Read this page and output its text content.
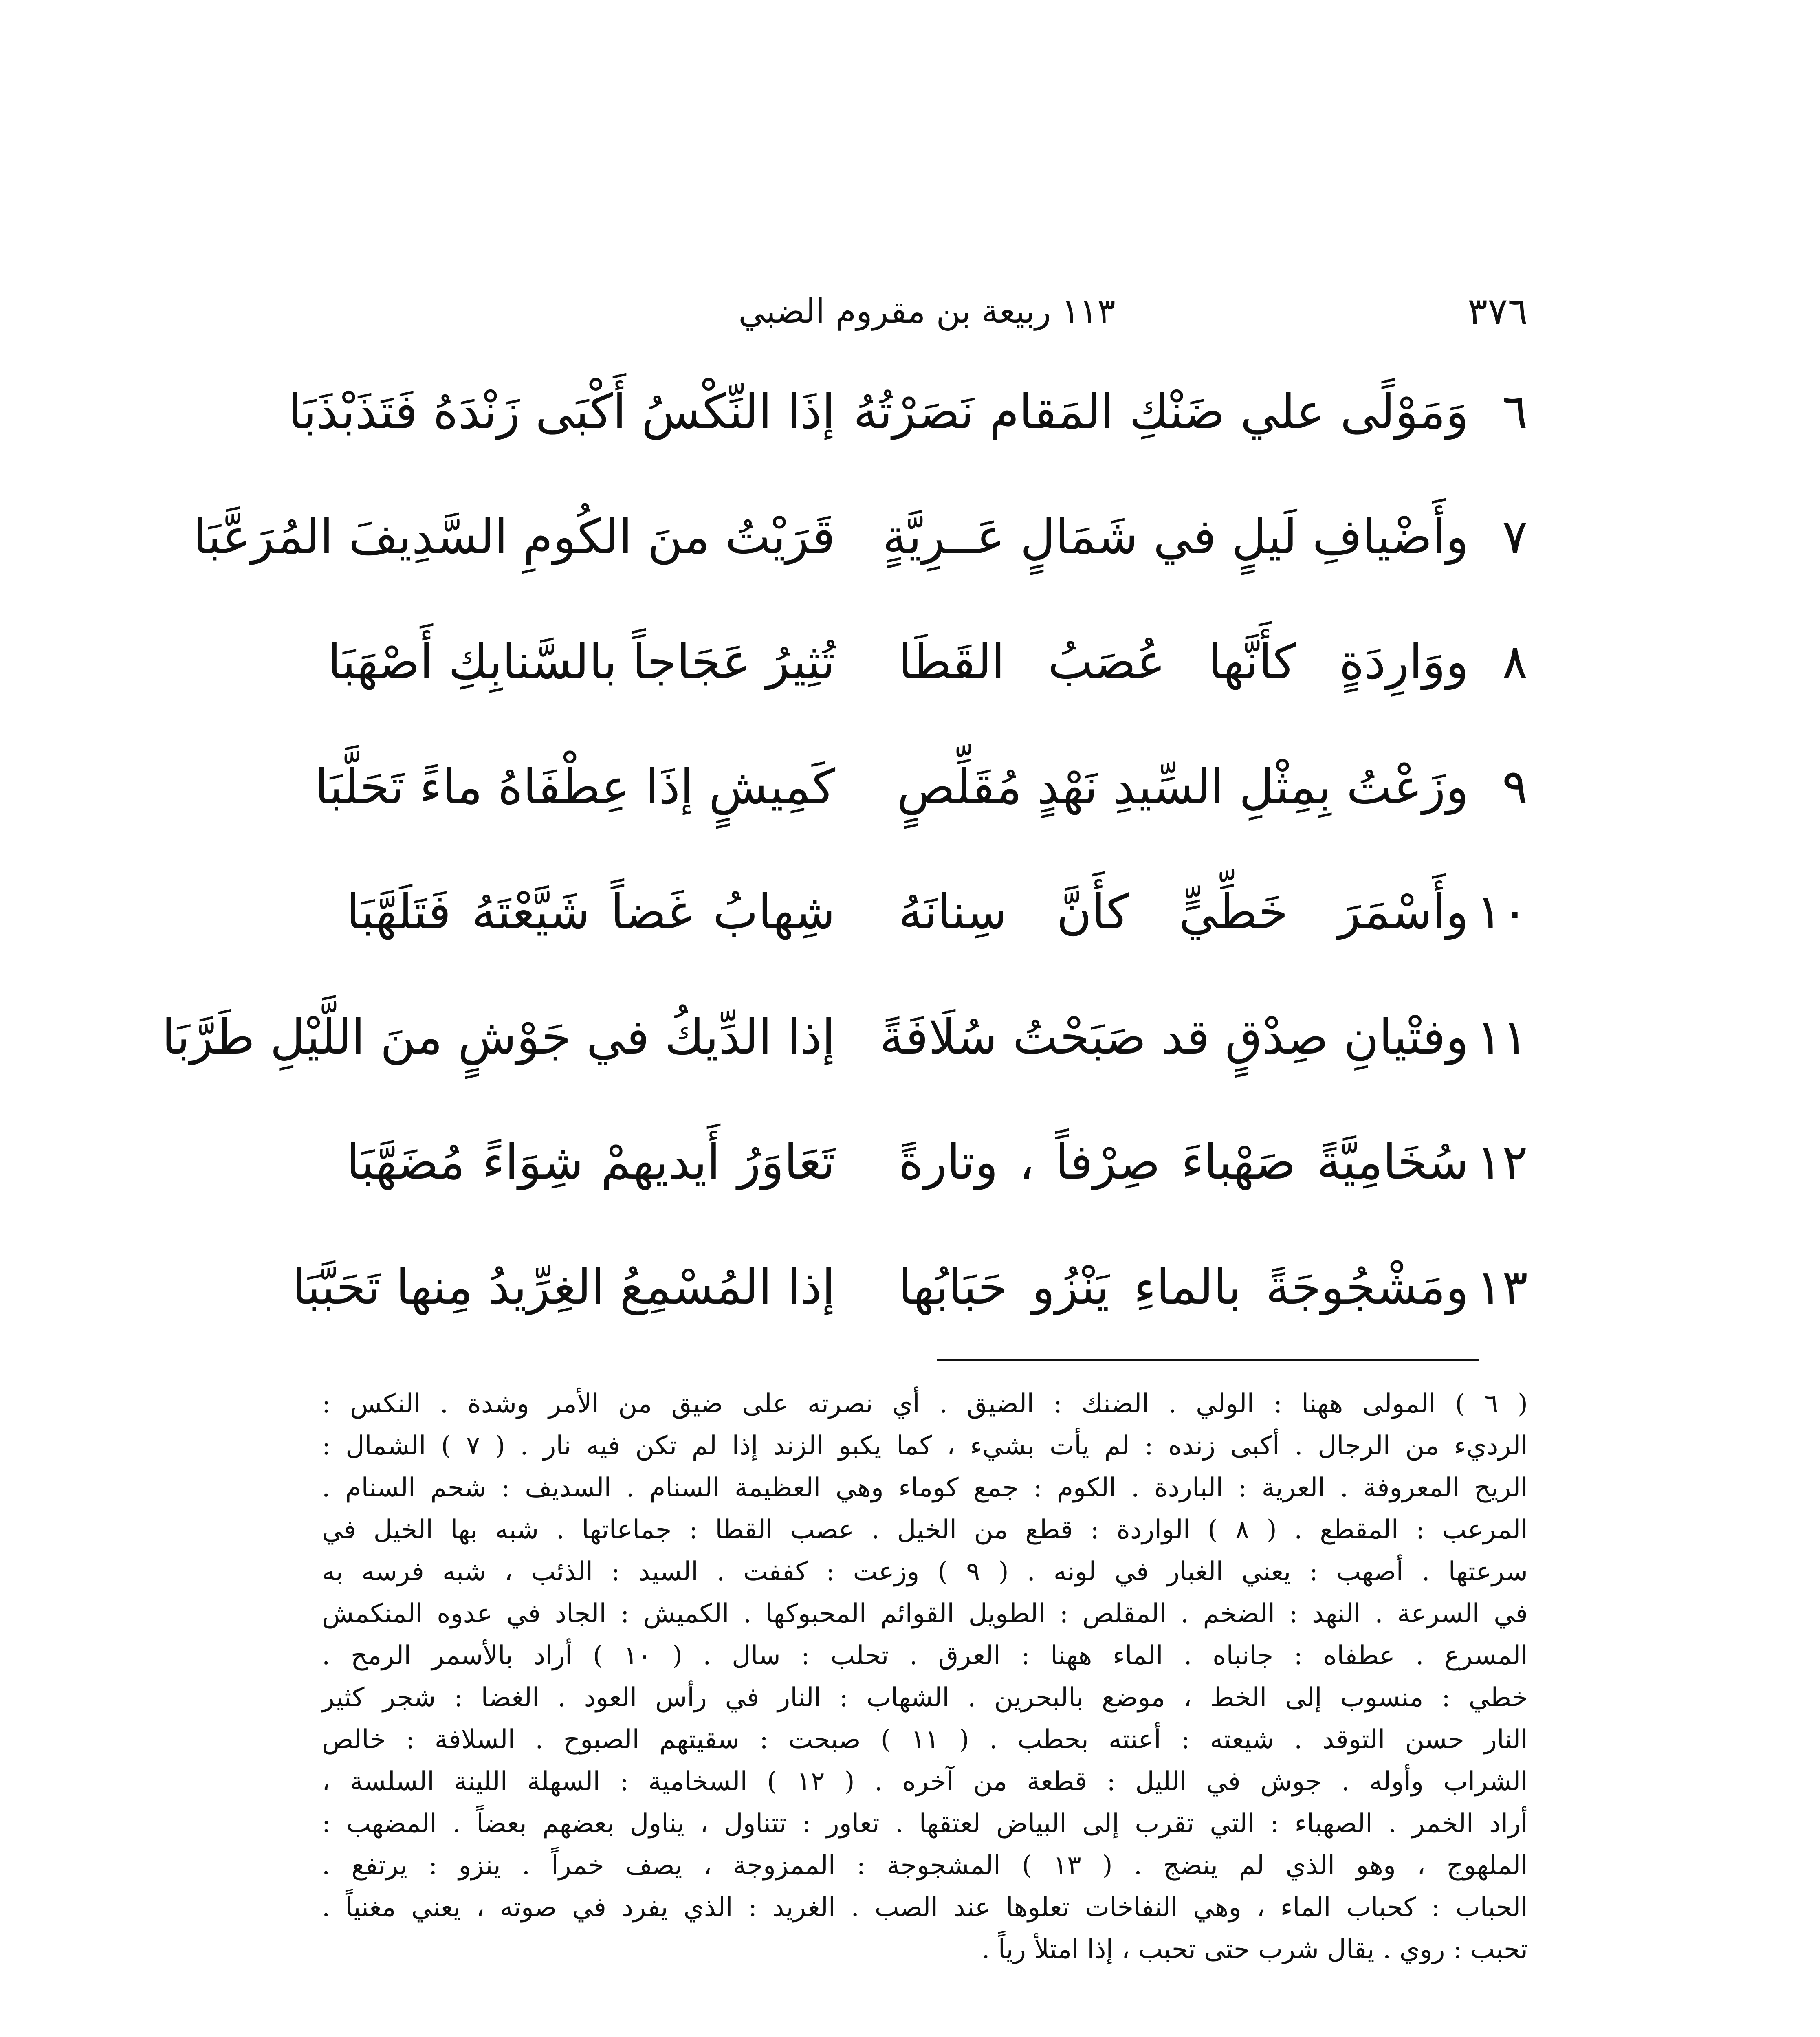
٣٧٦
١١٣ ربيعة بن مقروم الضبي
٦
وَمَوْلًى علي ضَنْكِ المَقام نَصَرْتُهُ
إذَا النِّكْسُ أَكْبَى زَنْدَهُ فَتَذَبْذَبَا
٧
وأَضْيافِ لَيلٍ في شَمَالٍ عَــرِيَّةٍ
قَرَيْتُ منَ الكُومِ السَّدِيفَ المُرَعَّبَا
٨
ووَارِدَةٍ كأَنَّها عُصَبُ القَطَا
تُثِيرُ عَجَاجاً بالسَّنابِكِ أَصْهَبَا
٩
وزَعْتُ بِمِثْلِ السِّيدِ نَهْدٍ مُقَلِّصٍ
كَمِيشٍ إذَا عِطْفَاهُ ماءً تَحَلَّبَا
١٠
وأَسْمَرَ خَطِّيٍّ كأَنَّ سِنانَهُ
شِهابُ غَضاً شَيَّعْتَهُ فَتَلَهَّبَا
١١
وفتْيانِ صِدْقٍ قد صَبَحْتُ سُلَافَةً
إذا الدِّيكُ في جَوْشٍ منَ اللَّيْلِ طَرَّبَا
١٢
سُخَامِيَّةً صَهْباءَ صِرْفاً ، وتارةً
تَعَاوَرُ أَيديهمْ شِوَاءً مُضَهَّبَا
١٣
ومَشْجُوجَةً بالماءِ يَنْزُو حَبَابُها
إذا المُسْمِعُ الغِرِّيدُ مِنها تَحَبَّبَا
( ٦ ) المولى ههنا : الولي . الضنك : الضيق . أي نصرته على ضيق من الأمر وشدة . النكس :
الرديء من الرجال . أكبى زنده : لم يأت بشيء ، كما يكبو الزند إذا لم تكن فيه نار . ( ٧ ) الشمال :
الريح المعروفة . العرية : الباردة . الكوم : جمع كوماء وهي العظيمة السنام . السديف : شحم السنام .
المرعب : المقطع . ( ٨ ) الواردة : قطع من الخيل . عصب القطا : جماعاتها . شبه بها الخيل في
سرعتها . أصهب : يعني الغبار في لونه . ( ٩ ) وزعت : كففت . السيد : الذئب ، شبه فرسه به
في السرعة . النهد : الضخم . المقلص : الطويل القوائم المحبوكها . الكميش : الجاد في عدوه المنكمش
المسرع . عطفاه : جانباه . الماء ههنا : العرق . تحلب : سال . ( ١٠ ) أراد بالأسمر الرمح .
خطي : منسوب إلى الخط ، موضع بالبحرين . الشهاب : النار في رأس العود . الغضا : شجر كثير
النار حسن التوقد . شيعته : أعنته بحطب . ( ١١ ) صبحت : سقيتهم الصبوح . السلافة : خالص
الشراب وأوله . جوش في الليل : قطعة من آخره . ( ١٢ ) السخامية : السهلة اللينة السلسة ،
أراد الخمر . الصهباء : التي تقرب إلى البياض لعتقها . تعاور : تتناول ، يناول بعضهم بعضاً . المضهب :
الملهوج ، وهو الذي لم ينضج . ( ١٣ ) المشجوجة : الممزوجة ، يصف خمراً . ينزو : يرتفع .
الحباب : كحباب الماء ، وهي النفاخات تعلوها عند الصب . الغريد : الذي يفرد في صوته ، يعني مغنياً .
تحبب : روي . يقال شرب حتى تحبب ، إذا امتلأ رياً .
